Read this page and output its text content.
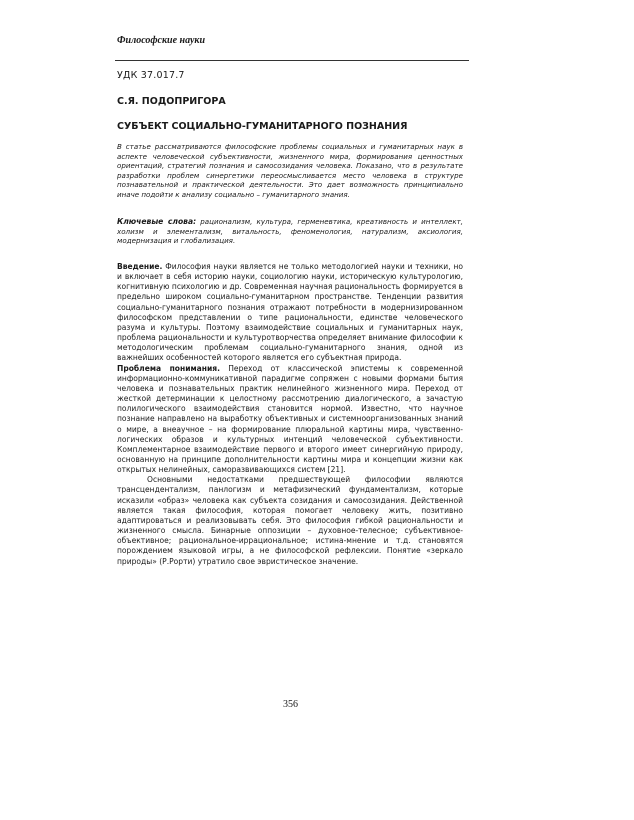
Философские науки
УДК 37.017.7
С.Я. ПОДОПРИГОРА
СУБЪЕКТ СОЦИАЛЬНО-ГУМАНИТАРНОГО ПОЗНАНИЯ
В статье рассматриваются философские проблемы социальных и гуманитарных наук в аспекте человеческой субъективности, жизненного мира, формирования ценностных ориентаций, стратегий познания и самосозидания человека. Показано, что в результате разработки проблем синергетики переосмысливается место человека в структуре познавательной и практической деятельности. Это дает возможность принципиально иначе подойти к анализу социально – гуманитарного знания.
Ключевые слова: рационализм, культура, герменевтика, креативность и интеллект, холизм и элементализм, витальность, феноменология, натурализм, аксиология, модернизация и глобализация.

Введение. Философия науки является не только методологией науки и техники, но и включает в себя историю науки, социологию науки, историческую культурологию, когнитивную психологию и др. Современная научная рациональность формируется в предельно широком социально-гуманитарном пространстве. Тенденции развития социально-гуманитарного познания отражают потребности в модернизированном философском представлении о типе рациональности, единстве человеческого разума и культуры. Поэтому взаимодействие социальных и гуманитарных наук, проблема рациональности и культуротворчества определяет внимание философии к методологическим проблемам социально-гуманитарного знания, одной из важнейших особенностей которого является его субъектная природа.

Проблема понимания. Переход от классической эпистемы к современной информационно-коммуникативной парадигме сопряжен с новыми формами бытия человека и познавательных практик нелинейного жизненного мира. Переход от жесткой детерминации к целостному рассмотрению диалогического, а зачастую полилогического взаимодействия становится нормой. Известно, что научное познание направлено на выработку объективных и системноорганизованных знаний о мире, а внеаучное – на формирование плюральной картины мира, чувственно-логических образов и культурных интенций человеческой субъективности. Комплементарное взаимодействие первого и второго имеет синергийную природу, основанную на принципе дополнительности картины мира и концепции жизни как открытых нелинейных, саморазвивающихся систем [21].

Основными недостатками предшествующей философии являются трансцендентализм, панлогизм и метафизический фундаментализм, которые исказили «образ» человека как субъекта созидания и самосозидания. Действенной является такая философия, которая помогает человеку жить, позитивно адаптироваться и реализовывать себя. Это философия гибкой рациональности и жизненного смысла. Бинарные оппозиции – духовное-телесное; субъективное-объективное; рациональное-иррациональное; истина-мнение и т.д. становятся порождением языковой игры, а не философской рефлексии. Понятие «зеркало природы» (Р.Рорти) утратило свое эвристическое значение.

356
